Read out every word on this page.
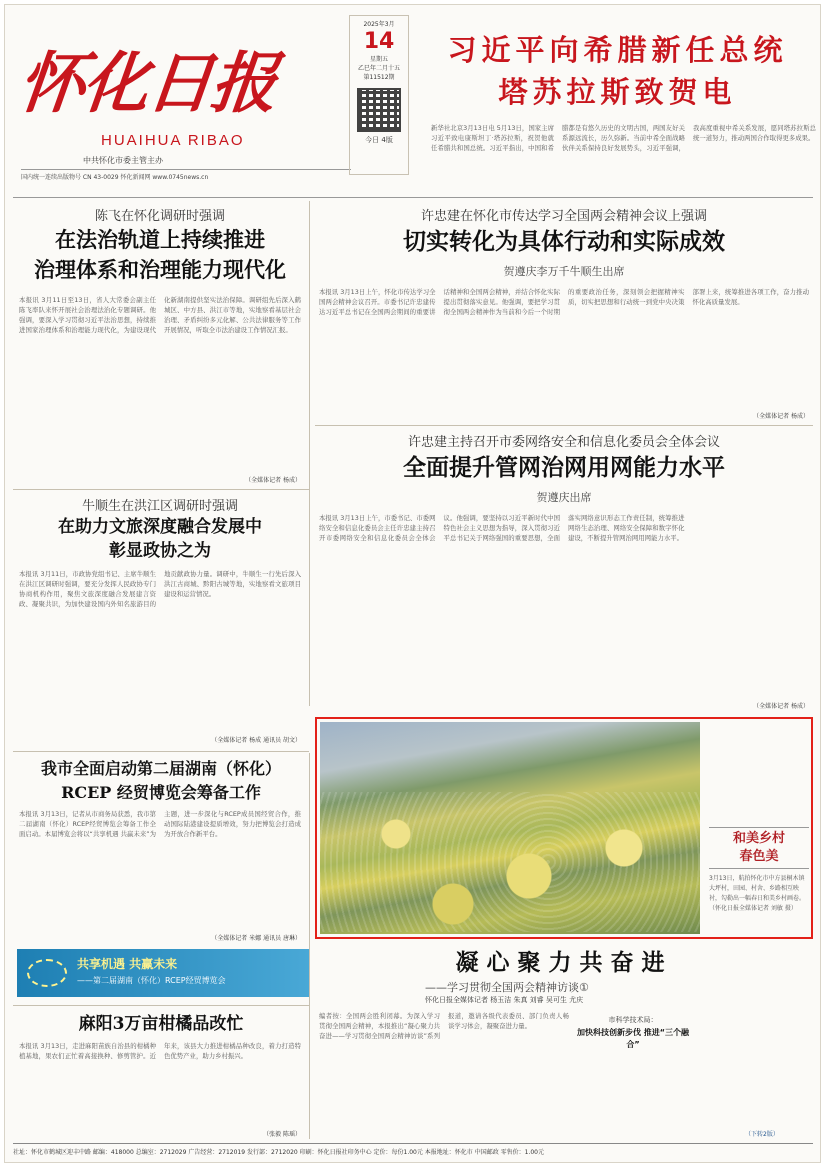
怀化日报
HUAIHUA RIBAO
中共怀化市委主管主办
国内统一连续出版物号 CN 43-0029 怀化新闻网 www.0745news.cn
2025年3月
14
星期五
乙巳年二月十五
第11512期
今日 4版
习近平向希腊新任总统
塔苏拉斯致贺电
新华社北京3月13日电 5月13日，国家主席习近平致电康斯坦丁·塔苏拉斯，祝贺他就任希腊共和国总统。习近平指出，中国和希腊都是有悠久历史的文明古国，两国友好关系源远流长，历久弥新。当前中希全面战略伙伴关系保持良好发展势头，习近平强调，我高度重视中希关系发展，愿同塔苏拉斯总统一道努力，推动两国合作取得更多成果。
陈飞在怀化调研时强调
在法治轨道上持续推进
治理体系和治理能力现代化
本报讯 3月11日至13日，省人大常委会副主任陈飞率队来怀开展社会治理法治化专题调研。他强调，要深入学习贯彻习近平法治思想，持续推进国家治理体系和治理能力现代化，为建设现代化新湖南提供坚实法治保障。调研组先后深入鹤城区、中方县、洪江市等地，实地察看基层社会治理、矛盾纠纷多元化解、公共法律服务等工作开展情况，听取全市法治建设工作情况汇报。
（全媒体记者 杨成）
许忠建在怀化市传达学习全国两会精神会议上强调
切实转化为具体行动和实际成效
贺遵庆李万千牛顺生出席
本报讯 3月13日上午，怀化市传达学习全国两会精神会议召开。市委书记许忠建传达习近平总书记在全国两会期间的重要讲话精神和全国两会精神，并结合怀化实际提出贯彻落实意见。他强调，要把学习贯彻全国两会精神作为当前和今后一个时期的重要政治任务，深刻领会把握精神实质，切实把思想和行动统一到党中央决策部署上来，统筹推进各项工作，奋力推动怀化高质量发展。
（全媒体记者 杨成）
许忠建主持召开市委网络安全和信息化委员会全体会议
全面提升管网治网用网能力水平
贺遵庆出席
本报讯 3月13日上午，市委书记、市委网络安全和信息化委员会主任许忠建主持召开市委网络安全和信息化委员会全体会议。他强调，要坚持以习近平新时代中国特色社会主义思想为指导，深入贯彻习近平总书记关于网络强国的重要思想，全面落实网络意识形态工作责任制，统筹推进网络生态治理、网络安全保障和数字怀化建设，不断提升管网治网用网能力水平。
（全媒体记者 杨成）
牛顺生在洪江区调研时强调
在助力文旅深度融合发展中
彰显政协之为
本报讯 3月11日，市政协党组书记、主席牛顺生在洪江区调研时强调，要充分发挥人民政协专门协商机构作用，聚焦文旅深度融合发展建言资政、凝聚共识，为加快建设国内外知名旅游目的地贡献政协力量。调研中，牛顺生一行先后深入洪江古商城、黔阳古城等地，实地察看文旅项目建设和运营情况。
（全媒体记者 杨成 通讯员 胡文）
和美乡村
春色美
3月13日，航拍怀化市中方县桐木镇大坪村，田园、村舍、乡路相互映衬，勾勒出一幅春日和美乡村画卷。（怀化日报全媒体记者 刘敏 摄）
我市全面启动第二届湖南（怀化）
RCEP 经贸博览会筹备工作
本报讯 3月13日，记者从市商务局获悉，我市第二届湖南（怀化）RCEP经贸博览会筹备工作全面启动。本届博览会将以“共享机遇 共赢未来”为主题，进一步深化与RCEP成员国经贸合作，推动国际陆港建设提质增效，努力把博览会打造成为开放合作新平台。
（全媒体记者 米娜 通讯员 唐琳）
共享机遇 共赢未来
——第二届湖南（怀化）RCEP经贸博览会
麻阳3万亩柑橘品改忙
本报讯 3月13日，走进麻阳苗族自治县的柑橘种植基地，果农们正忙着高接换种、修剪管护。近年来，该县大力推进柑橘品种改良，着力打造特色优势产业，助力乡村振兴。
（张毅 陈瑶）
凝心聚力共奋进
——学习贯彻全国两会精神访谈①
怀化日报全媒体记者 杨玉洁 朱真 刘睿 吴可生 尤庆
编者按：全国两会胜利闭幕。为深入学习贯彻全国两会精神，本报推出“凝心聚力共奋进——学习贯彻全国两会精神访谈”系列报道，邀请各级代表委员、部门负责人畅谈学习体会，凝聚奋进力量。
市科学技术局：
加快科技创新步伐 推进“三个融合”
（下转2版）
社址：怀化市鹤城区迎丰中路 邮编：418000 总编室：2712029 广告经营：2712019 发行部：2712020 印刷：怀化日报社印务中心 定价：每份1.00元 本报地址：怀化市 中国邮政 零售价：1.00元
